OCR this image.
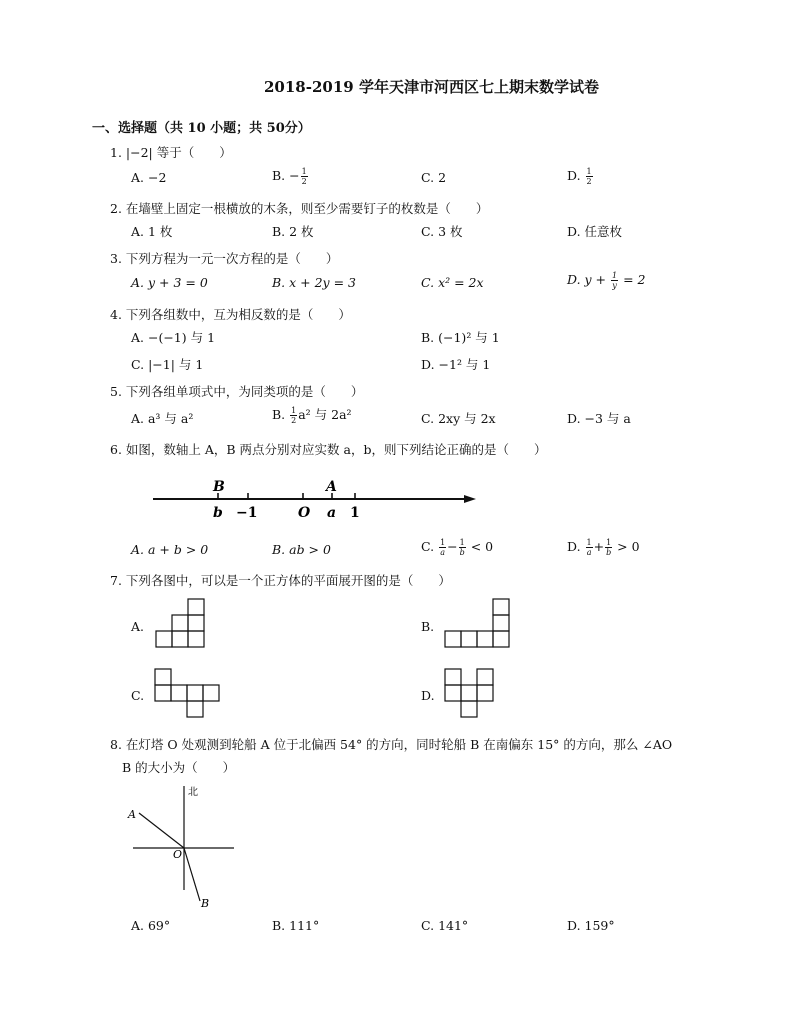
2018-2019 学年天津市河西区七上期末数学试卷
一、选择题（共 10 小题；共 50分）
1. |−2| 等于（　　）
A. −2	B. − $\frac{1}{2}$	C. 2	D. $\frac{1}{2}$
2. 在墙壁上固定一根横放的木条，则至少需要钉子的枚数是（　　）
A. 1 枚	B. 2 枚	C. 3 枚	D. 任意枚
3. 下列方程为一元一次方程的是（　　）
A. y + 3 = 0	B. x + 2y = 3	C. x² = 2x	D. $y + \frac{1}{y} = 2$
4. 下列各组数中，互为相反数的是（　　）
A. −(−1) 与 1	B. (−1)² 与 1
C. |−1| 与 1	D. −1² 与 1
5. 下列各组单项式中，为同类项的是（　　）
A. a³ 与 a²	B. $\frac{1}{2} a^2$ 与 2a²	C. 2xy 与 2x	D. −3 与 a
6. 如图，数轴上 A，B 两点分别对应实数 a，b，则下列结论正确的是（　　）
B	A
b −1	O a 1
A. a + b > 0	B. ab > 0	C. $\frac{1}{a} - \frac{1}{b} < 0$	D. $\frac{1}{a} + \frac{1}{b} > 0$
7. 下列各图中，可以是一个正方体的平面展开图的是（　　）
A.	B.
C.	D.
8. 在灯塔 O 处观测到轮船 A 位于北偏西 54° 的方向，同时轮船 B 在南偏东 15° 的方向，那么 ∠AO
B 的大小为（　　）
北
A
O
B
A. 69°	B. 111°	C. 141°	D. 159°
